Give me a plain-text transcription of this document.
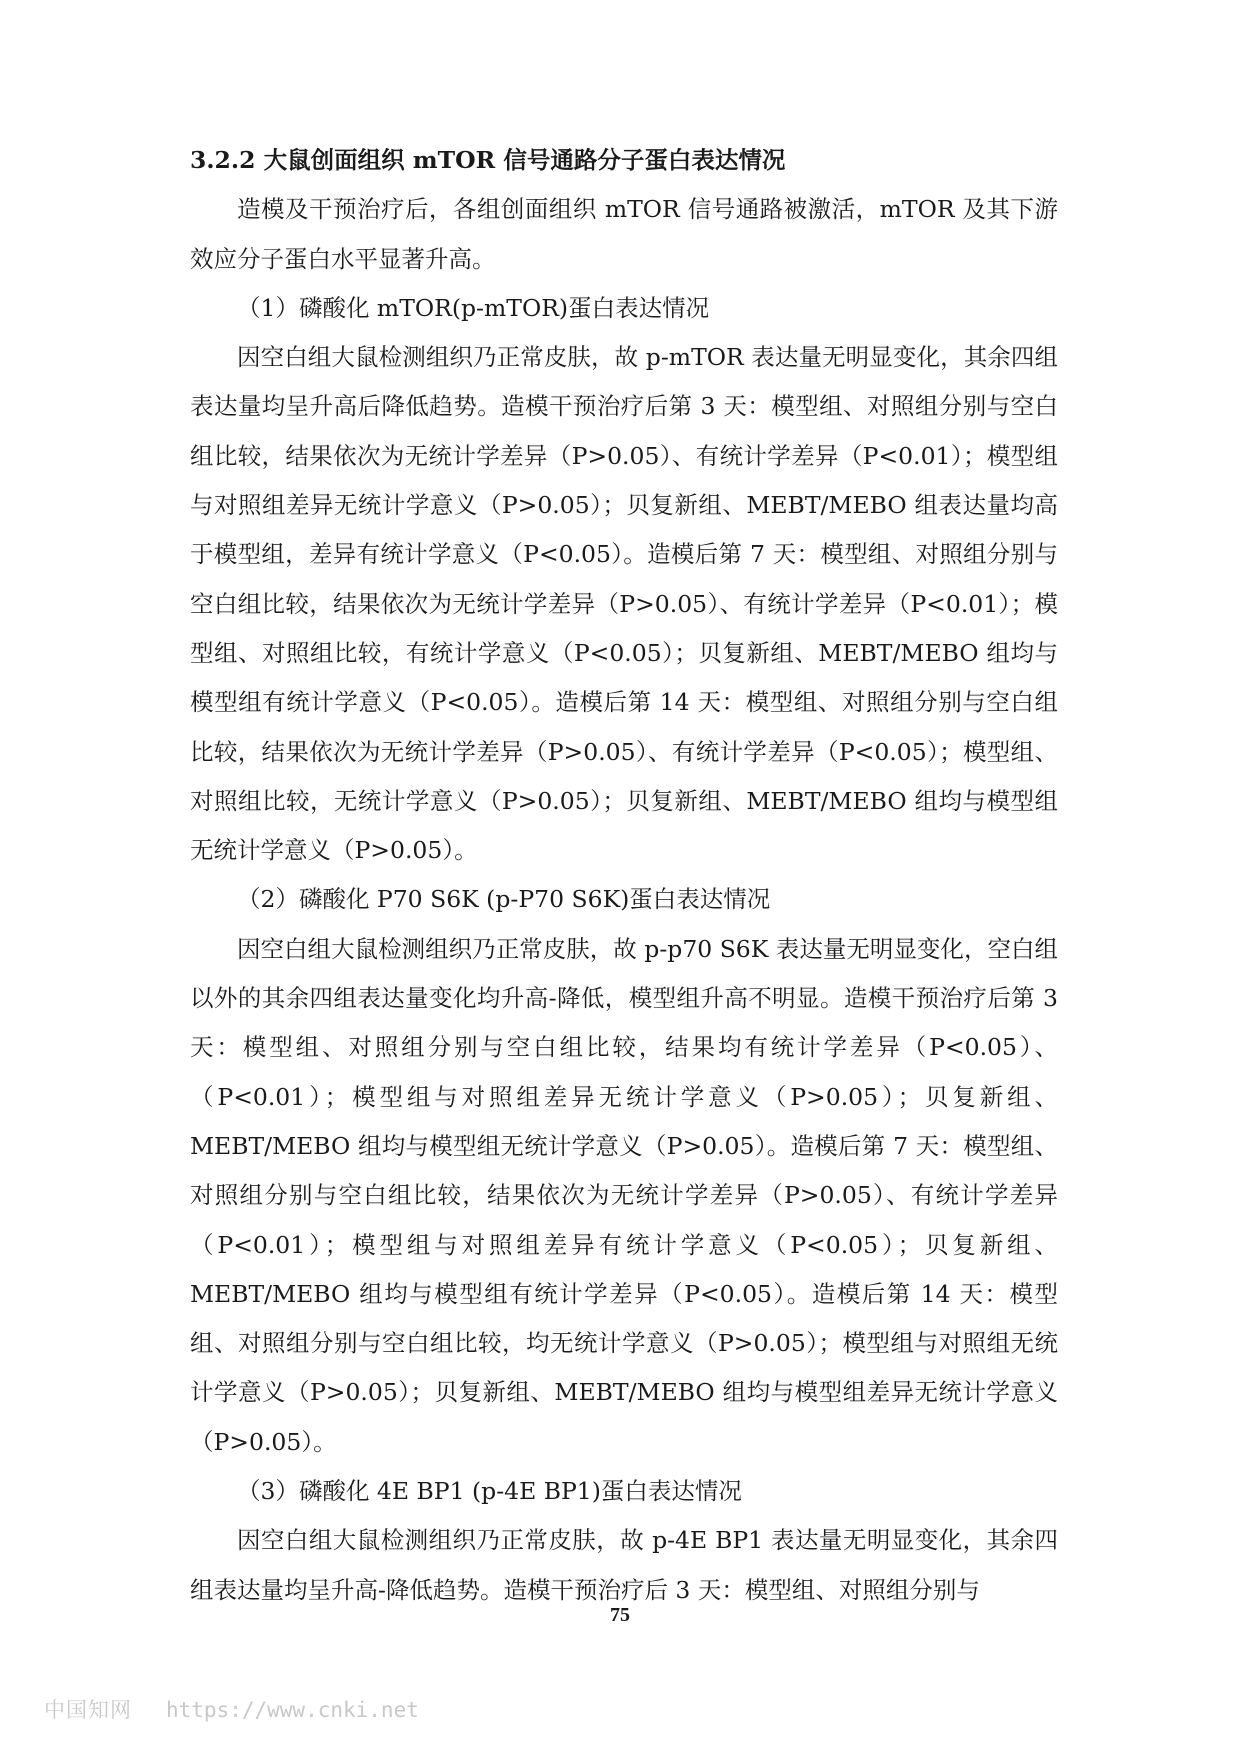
3.2.2 大鼠创面组织 mTOR 信号通路分子蛋白表达情况

造模及干预治疗后，各组创面组织 mTOR 信号通路被激活，mTOR 及其下游效应分子蛋白水平显著升高。

（1）磷酸化 mTOR(p-mTOR)蛋白表达情况

因空白组大鼠检测组织乃正常皮肤，故 p-mTOR 表达量无明显变化，其余四组表达量均呈升高后降低趋势。造模干预治疗后第 3 天：模型组、对照组分别与空白组比较，结果依次为无统计学差异（P>0.05）、有统计学差异（P<0.01）；模型组与对照组差异无统计学意义（P>0.05）；贝复新组、MEBT/MEBO 组表达量均高于模型组，差异有统计学意义（P<0.05）。造模后第 7 天：模型组、对照组分别与空白组比较，结果依次为无统计学差异（P>0.05）、有统计学差异（P<0.01）；模型组、对照组比较，有统计学意义（P<0.05）；贝复新组、MEBT/MEBO 组均与模型组有统计学意义（P<0.05）。造模后第 14 天：模型组、对照组分别与空白组比较，结果依次为无统计学差异（P>0.05）、有统计学差异（P<0.05）；模型组、对照组比较，无统计学意义（P>0.05）；贝复新组、MEBT/MEBO 组均与模型组无统计学意义（P>0.05）。

（2）磷酸化 P70 S6K (p-P70 S6K)蛋白表达情况

因空白组大鼠检测组织乃正常皮肤，故 p-p70 S6K 表达量无明显变化，空白组以外的其余四组表达量变化均升高-降低，模型组升高不明显。造模干预治疗后第 3 天：模型组、对照组分别与空白组比较，结果均有统计学差异（P<0.05）、（P<0.01）；模型组与对照组差异无统计学意义（P>0.05）；贝复新组、MEBT/MEBO 组均与模型组无统计学意义（P>0.05）。造模后第 7 天：模型组、对照组分别与空白组比较，结果依次为无统计学差异（P>0.05）、有统计学差异（P<0.01）；模型组与对照组差异有统计学意义（P<0.05）；贝复新组、MEBT/MEBO 组均与模型组有统计学差异（P<0.05）。造模后第 14 天：模型组、对照组分别与空白组比较，均无统计学意义（P>0.05）；模型组与对照组无统计学意义（P>0.05）；贝复新组、MEBT/MEBO 组均与模型组差异无统计学意义（P>0.05）。

（3）磷酸化 4E BP1 (p-4E BP1)蛋白表达情况

因空白组大鼠检测组织乃正常皮肤，故 p-4E BP1 表达量无明显变化，其余四组表达量均呈升高-降低趋势。造模干预治疗后 3 天：模型组、对照组分别与

75
中国知网 https://www.cnki.net
